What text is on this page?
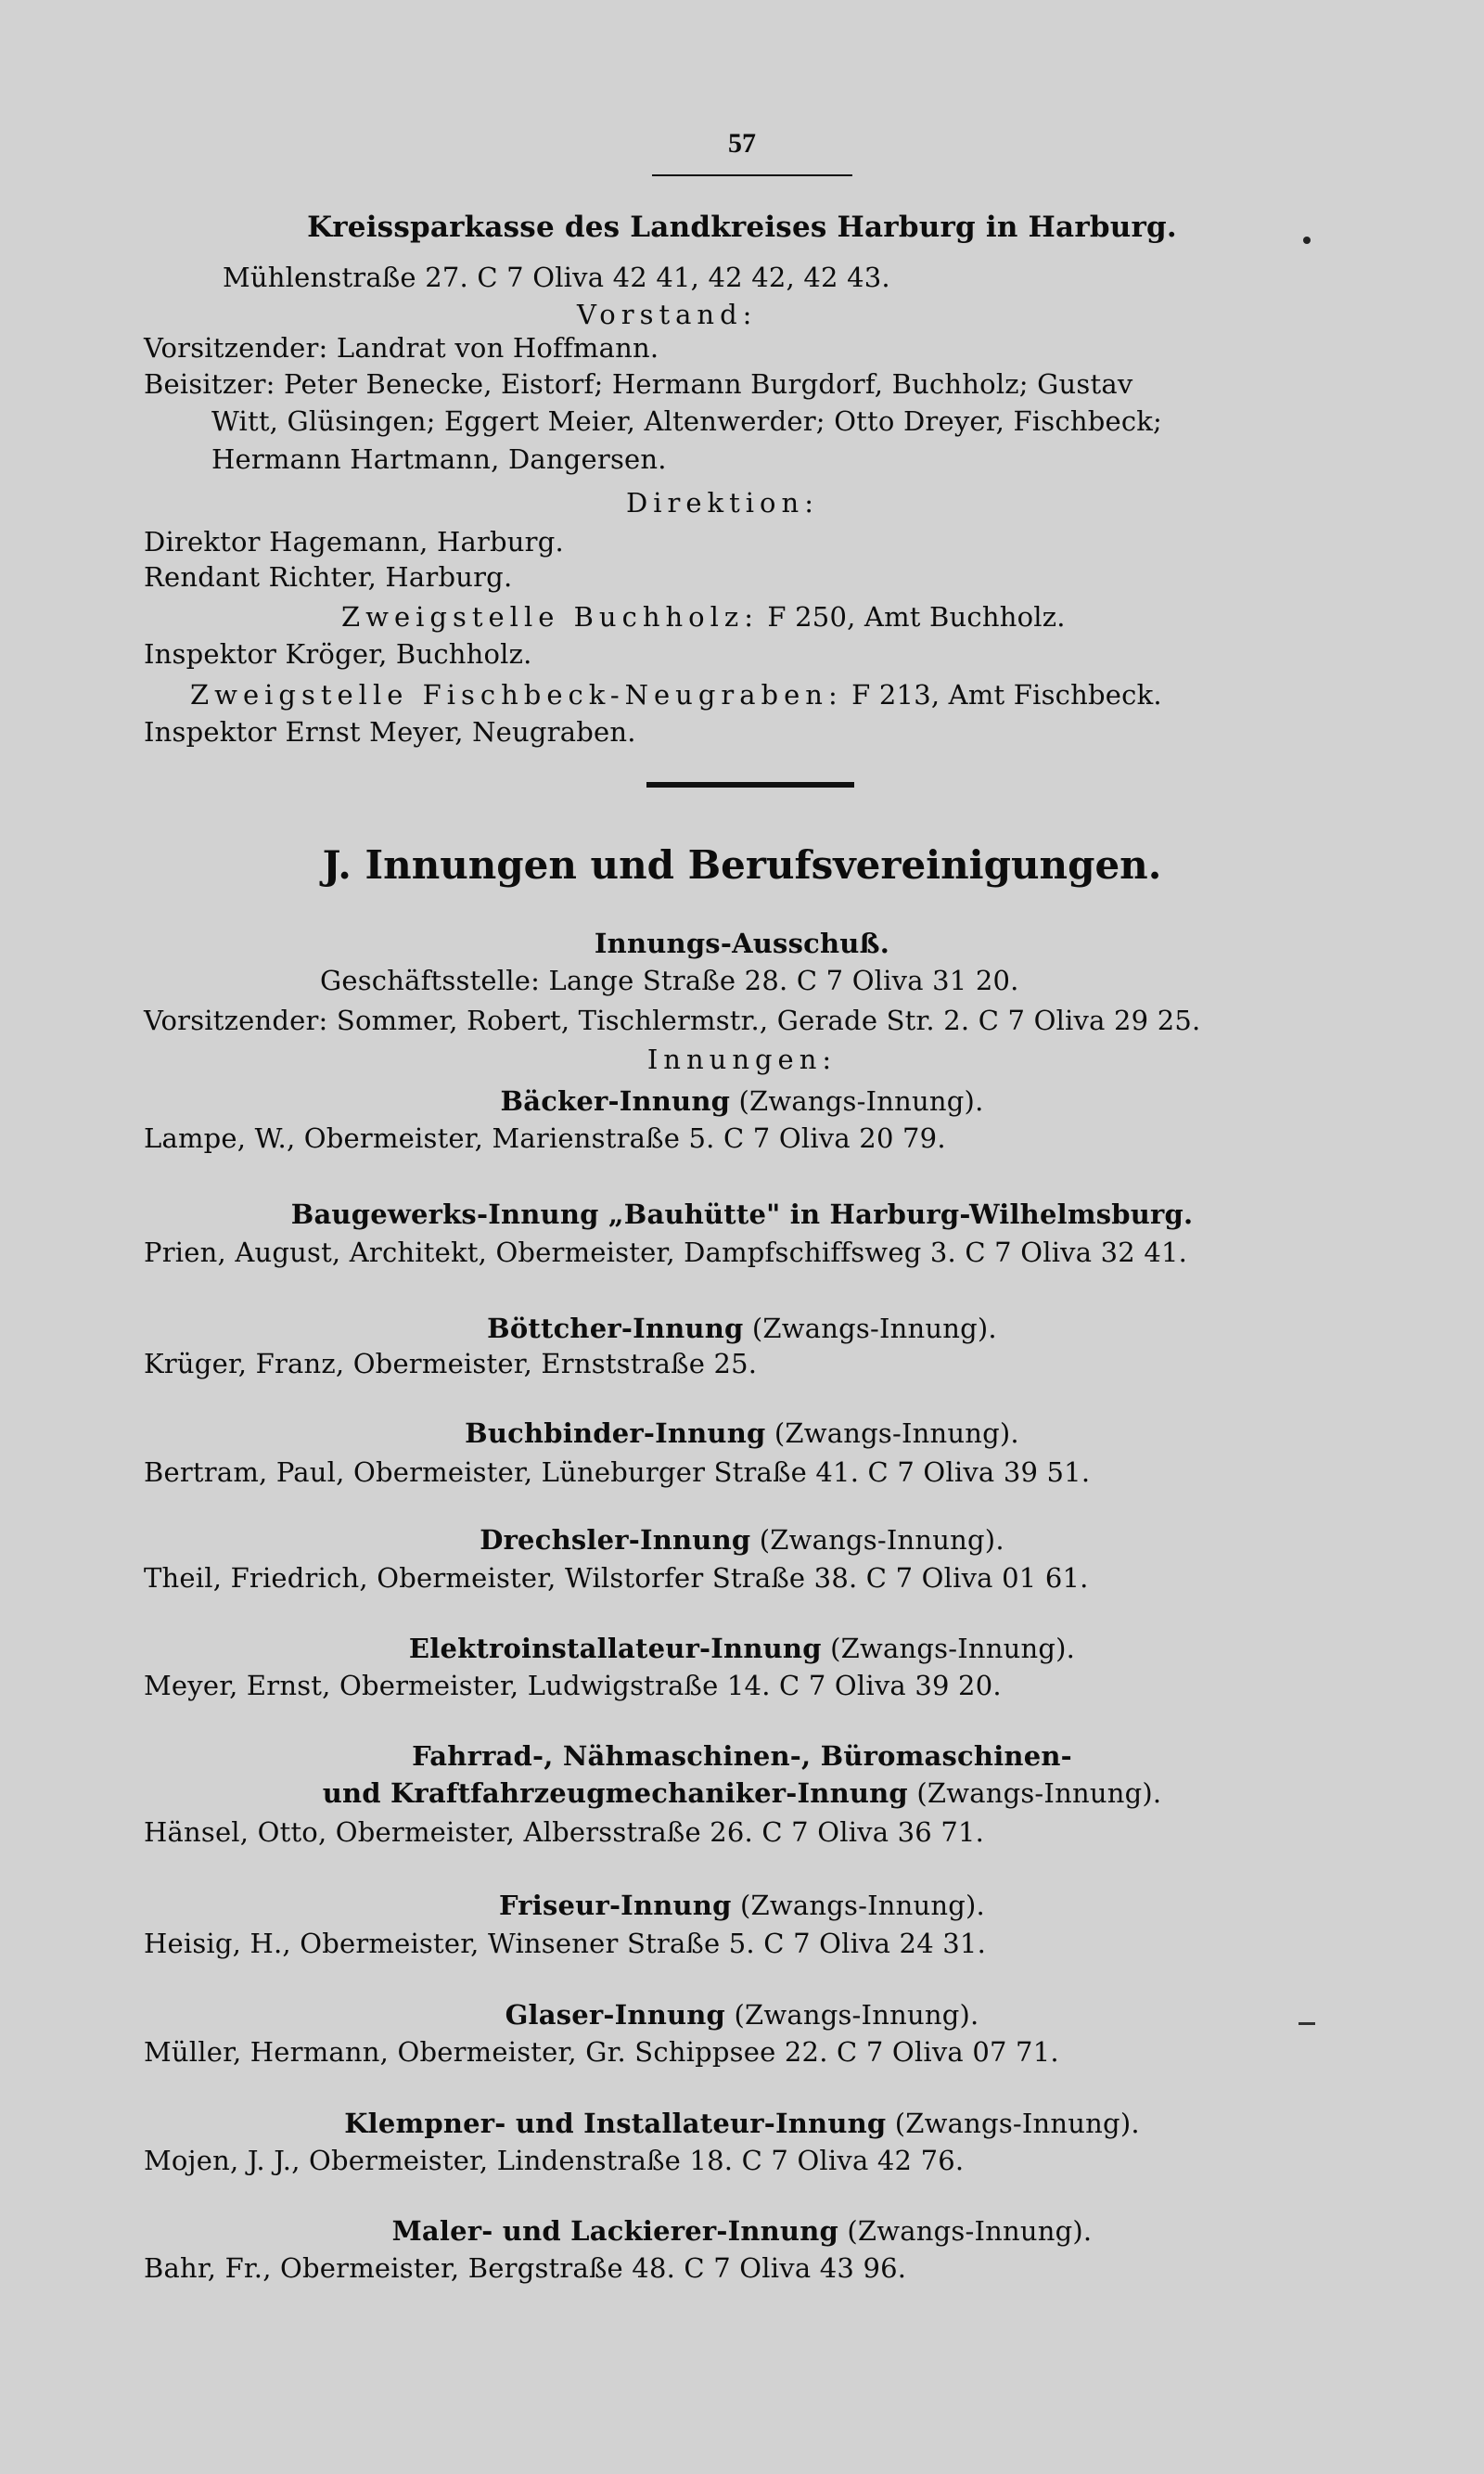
57
Kreissparkasse des Landkreises Harburg in Harburg.
Mühlenstraße 27. C 7 Oliva 42 41, 42 42, 42 43.
Vorstand:
Vorsitzender: Landrat von Hoffmann.
Beisitzer: Peter Benecke, Eistorf; Hermann Burgdorf, Buchholz; Gustav
Witt, Glüsingen; Eggert Meier, Altenwerder; Otto Dreyer, Fischbeck;
Hermann Hartmann, Dangersen.
Direktion:
Direktor Hagemann, Harburg.
Rendant Richter, Harburg.
Zweigstelle Buchholz: F 250, Amt Buchholz.
Inspektor Kröger, Buchholz.
Zweigstelle Fischbeck-Neugraben: F 213, Amt Fischbeck.
Inspektor Ernst Meyer, Neugraben.
J. Innungen und Berufsvereinigungen.
Innungs-Ausschuß.
Geschäftsstelle: Lange Straße 28. C 7 Oliva 31 20.
Vorsitzender: Sommer, Robert, Tischlermstr., Gerade Str. 2. C 7 Oliva 29 25.
Innungen:
Bäcker-Innung (Zwangs-Innung).
Lampe, W., Obermeister, Marienstraße 5. C 7 Oliva 20 79.
Baugewerks-Innung „Bauhütte" in Harburg-Wilhelmsburg.
Prien, August, Architekt, Obermeister, Dampfschiffsweg 3. C 7 Oliva 32 41.
Böttcher-Innung (Zwangs-Innung).
Krüger, Franz, Obermeister, Ernststraße 25.
Buchbinder-Innung (Zwangs-Innung).
Bertram, Paul, Obermeister, Lüneburger Straße 41. C 7 Oliva 39 51.
Drechsler-Innung (Zwangs-Innung).
Theil, Friedrich, Obermeister, Wilstorfer Straße 38. C 7 Oliva 01 61.
Elektroinstallateur-Innung (Zwangs-Innung).
Meyer, Ernst, Obermeister, Ludwigstraße 14. C 7 Oliva 39 20.
Fahrrad-, Nähmaschinen-, Büromaschinen-
und Kraftfahrzeugmechaniker-Innung (Zwangs-Innung).
Hänsel, Otto, Obermeister, Albersstraße 26. C 7 Oliva 36 71.
Friseur-Innung (Zwangs-Innung).
Heisig, H., Obermeister, Winsener Straße 5. C 7 Oliva 24 31.
Glaser-Innung (Zwangs-Innung).
Müller, Hermann, Obermeister, Gr. Schippsee 22. C 7 Oliva 07 71.
Klempner- und Installateur-Innung (Zwangs-Innung).
Mojen, J. J., Obermeister, Lindenstraße 18. C 7 Oliva 42 76.
Maler- und Lackierer-Innung (Zwangs-Innung).
Bahr, Fr., Obermeister, Bergstraße 48. C 7 Oliva 43 96.
